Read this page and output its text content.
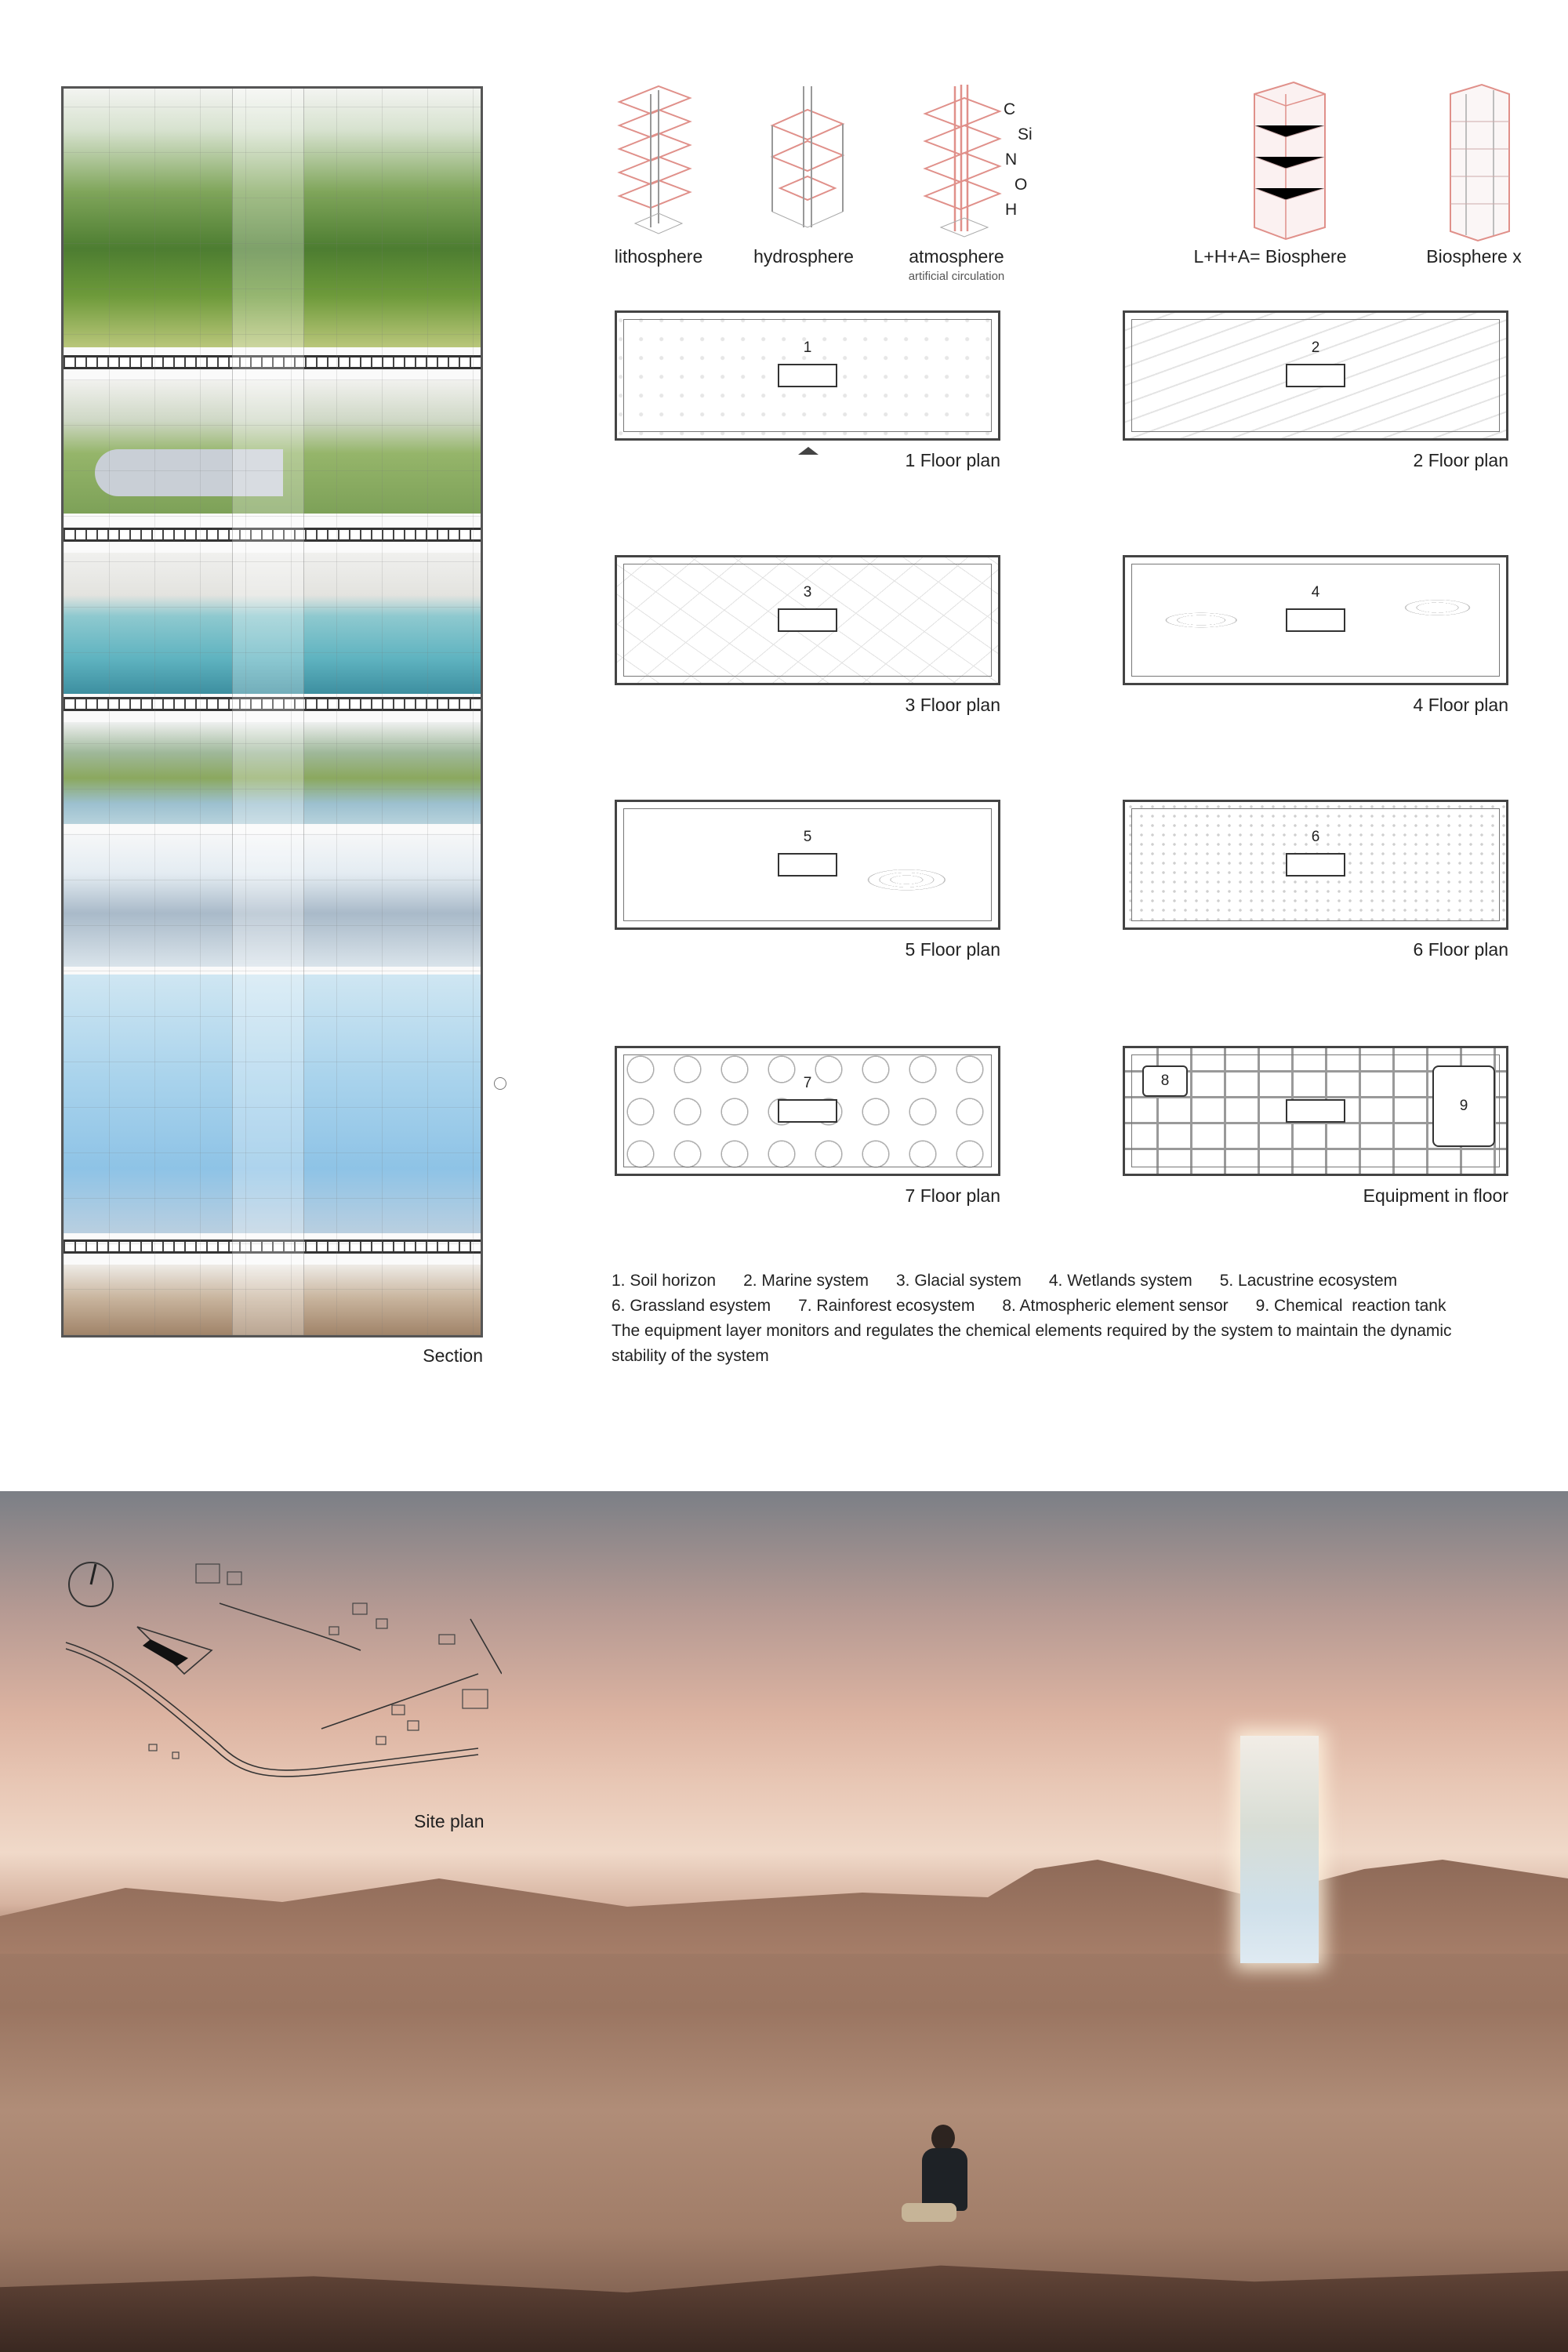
Section
C
Si
N
O
H
lithosphere	hydrosphere	atmosphere
artificial circulation
L+H+A= Biosphere	Biosphere x
1
1 Floor plan
2
2 Floor plan
3
3 Floor plan
4
4 Floor plan
5
5 Floor plan
6
6 Floor plan
7
7 Floor plan
8
9
Equipment in floor
1. Soil horizon      2. Marine system      3. Glacial system      4. Wetlands system      5. Lacustrine ecosystem
6. Grassland esystem      7. Rainforest ecosystem      8. Atmospheric element sensor      9. Chemical  reaction tank
The equipment layer monitors and regulates the chemical elements required by the system to maintain the dynamic
stability of the system
Site plan
